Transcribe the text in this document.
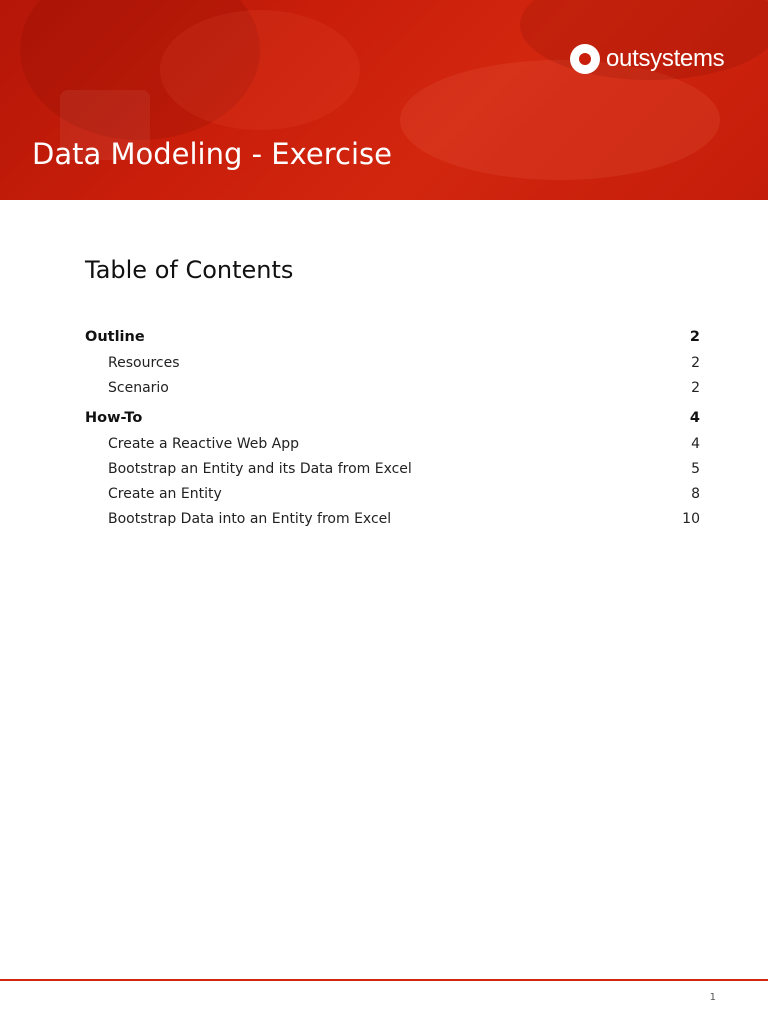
outsystems
Data Modeling - Exercise
Table of Contents
Outline	2
Resources	2
Scenario	2
How-To	4
Create a Reactive Web App	4
Bootstrap an Entity and its Data from Excel	5
Create an Entity	8
Bootstrap Data into an Entity from Excel	10
1
